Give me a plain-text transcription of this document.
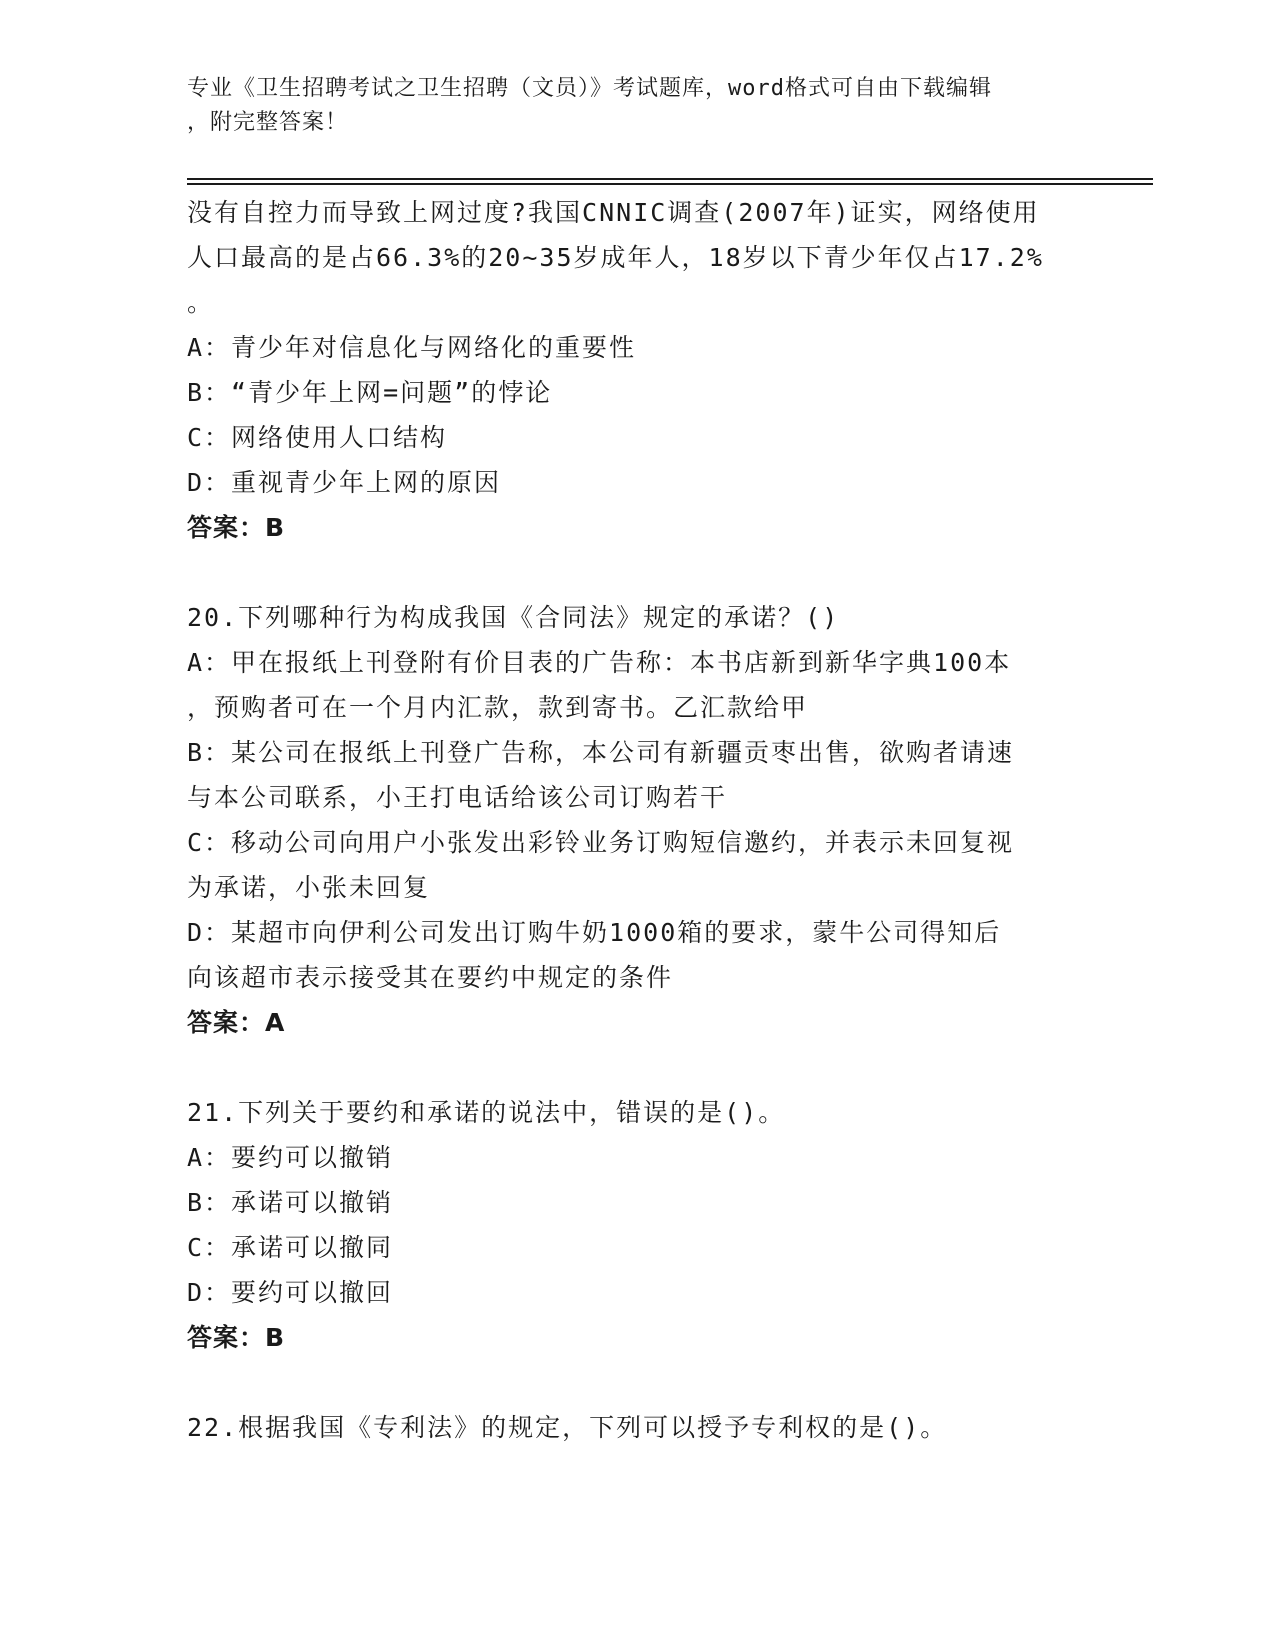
专业《卫生招聘考试之卫生招聘（文员）》考试题库，word格式可自由下载编辑
，附完整答案！
没有自控力而导致上网过度?我国CNNIC调查(2007年)证实，网络使用
人口最高的是占66.3%的20~35岁成年人，18岁以下青少年仅占17.2%
。
A：青少年对信息化与网络化的重要性
B：“青少年上网=问题”的悖论
C：网络使用人口结构
D：重视青少年上网的原因
答案：B
20.下列哪种行为构成我国《合同法》规定的承诺？()
A：甲在报纸上刊登附有价目表的广告称：本书店新到新华字典100本
，预购者可在一个月内汇款，款到寄书。乙汇款给甲
B：某公司在报纸上刊登广告称，本公司有新疆贡枣出售，欲购者请速
与本公司联系，小王打电话给该公司订购若干
C：移动公司向用户小张发出彩铃业务订购短信邀约，并表示未回复视
为承诺，小张未回复
D：某超市向伊利公司发出订购牛奶1000箱的要求，蒙牛公司得知后
向该超市表示接受其在要约中规定的条件
答案：A
21.下列关于要约和承诺的说法中，错误的是()。
A：要约可以撤销
B：承诺可以撤销
C：承诺可以撤同
D：要约可以撤回
答案：B
22.根据我国《专利法》的规定，下列可以授予专利权的是()。
